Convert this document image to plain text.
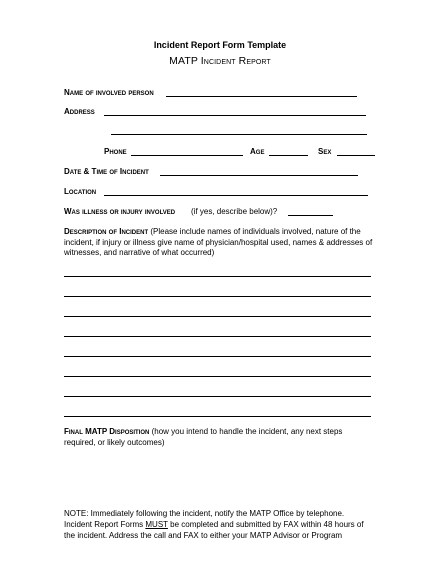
Incident Report Form Template
MATP Incident Report
Name of involved person
Address
Phone	Age	Sex
Date & Time of Incident
Location
Was illness or injury involved (if yes, describe below)?
Description of Incident (Please include names of individuals involved, nature of the incident, if injury or illness give name of physician/hospital used, names & addresses of witnesses, and narrative of what occurred)
Final MATP Disposition (how you intend to handle the incident, any next steps required, or likely outcomes)
NOTE: Immediately following the incident, notify the MATP Office by telephone.
Incident Report Forms MUST be completed and submitted by FAX within 48 hours of
the incident. Address the call and FAX to either your MATP Advisor or Program
